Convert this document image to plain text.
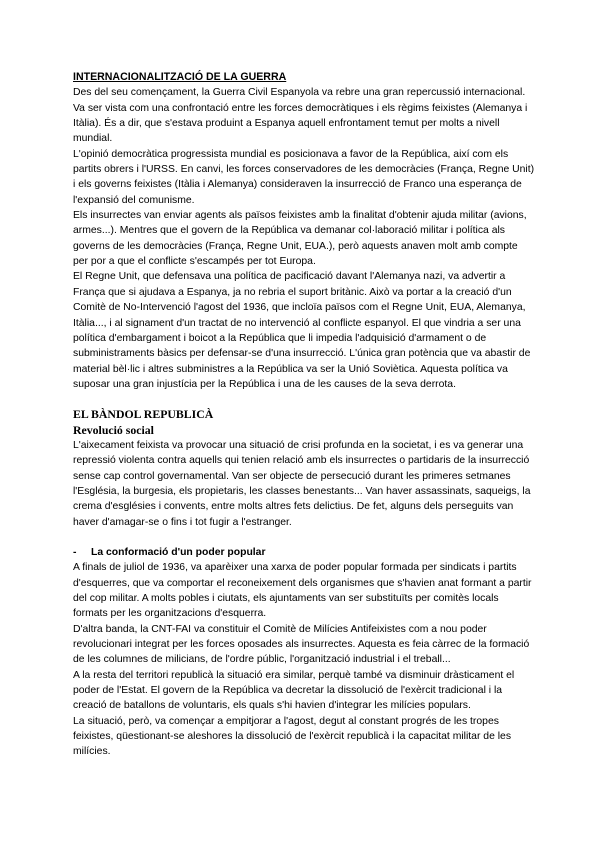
INTERNACIONALITZACIÓ DE LA GUERRA

Des del seu començament, la Guerra Civil Espanyola va rebre una gran repercussió internacional. Va ser vista com una confrontació entre les forces democràtiques i els règims feixistes (Alemanya i Itàlia). És a dir, que s'estava produint a Espanya aquell enfrontament temut per molts a nivell mundial.

L'opinió democràtica progressista mundial es posicionava a favor de la República, així com els partits obrers i l'URSS. En canvi, les forces conservadores de les democràcies (França, Regne Unit) i els governs feixistes (Itàlia i Alemanya) consideraven la insurrecció de Franco una esperança de l'expansió del comunisme.

Els insurrectes van enviar agents als països feixistes amb la finalitat d'obtenir ajuda militar (avions, armes...). Mentres que el govern de la República va demanar col·laboració militar i política als governs de les democràcies (França, Regne Unit, EUA.), però aquests anaven molt amb compte per por a que el conflicte s'escampés per tot Europa.

El Regne Unit, que defensava una política de pacificació davant l'Alemanya nazi, va advertir a França que si ajudava a Espanya, ja no rebria el suport britànic. Això va portar a la creació d'un Comitè de No-Intervenció l'agost del 1936, que incloïa països com el Regne Unit, EUA, Alemanya, Itàlia..., i al signament d'un tractat de no intervenció al conflicte espanyol. El que vindria a ser una política d'embargament i boicot a la República que li impedia l'adquisició d'armament o de subministraments bàsics per defensar-se d'una insurrecció. L'única gran potència que va abastir de material bèl·lic i altres subministres a la República va ser la Unió Soviètica. Aquesta política va suposar una gran injustícia per la República i una de les causes de la seva derrota.

EL BÀNDOL REPUBLICÀ

Revolució social

L'aixecament feixista va provocar una situació de crisi profunda en la societat, i es va generar una repressió violenta contra aquells qui tenien relació amb els insurrectes o partidaris de la insurrecció sense cap control governamental. Van ser objecte de persecució durant les primeres setmanes l'Església, la burgesia, els propietaris, les classes benestants... Van haver assassinats, saqueigs, la crema d'esglésies i convents, entre molts altres fets delictius. De fet, alguns dels perseguits van haver d'amagar-se o fins i tot fugir a l'estranger.

- La conformació d'un poder popular

A finals de juliol de 1936, va aparèixer una xarxa de poder popular formada per sindicats i partits d'esquerres, que va comportar el reconeixement dels organismes que s'havien anat formant a partir del cop militar. A molts pobles i ciutats, els ajuntaments van ser substituïts per comitès locals formats per les organitzacions d'esquerra.

D'altra banda, la CNT-FAI va constituir el Comitè de Milícies Antifeixistes com a nou poder revolucionari integrat per les forces oposades als insurrectes. Aquesta es feia càrrec de la formació de les columnes de milicians, de l'ordre públic, l'organització industrial i el treball...

A la resta del territori republicà la situació era similar, perquè també va disminuir dràsticament el poder de l'Estat. El govern de la República va decretar la dissolució de l'exèrcit tradicional i la creació de batallons de voluntaris, els quals s'hi havien d'integrar les milícies populars.

La situació, però, va començar a empitjorar a l'agost, degut al constant progrés de les tropes feixistes, qüestionant-se aleshores la dissolució de l'exèrcit republicà i la capacitat militar de les milícies.
